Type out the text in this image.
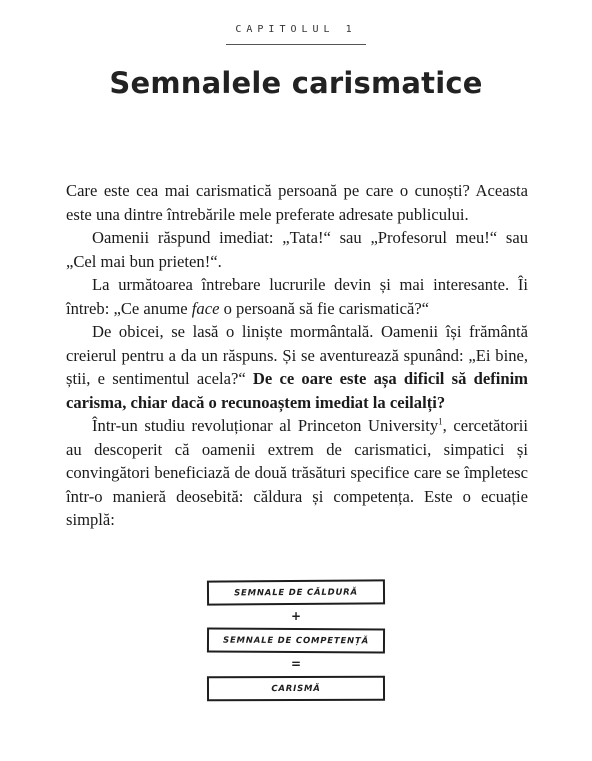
CAPITOLUL 1
Semnalele carismatice

Care este cea mai carismatică persoană pe care o cunoști? Aceasta este una dintre întrebările mele preferate adresate publicului.

Oamenii răspund imediat: „Tata!“ sau „Profesorul meu!“ sau „Cel mai bun prieten!“.

La următoarea întrebare lucrurile devin și mai interesante. Îi întreb: „Ce anume face o persoană să fie carismatică?“

De obicei, se lasă o liniște mormântală. Oamenii își frământă creierul pentru a da un răspuns. Și se aventurează spunând: „Ei bine, știi, e sentimentul acela?“ De ce oare este așa dificil să definim carisma, chiar dacă o recunoaștem imediat la ceilalți?

Într-un studiu revoluționar al Princeton University$^1$, cercetătorii au descoperit că oamenii extrem de carismatici, simpatici și convingători beneficiază de două trăsături specifice care se împletesc într-o manieră deosebită: căldura și competența. Este o ecuație simplă:

SEMNALE DE CĂLDURĂ
+
SEMNALE DE COMPETENȚĂ
=
CARISMĂ
